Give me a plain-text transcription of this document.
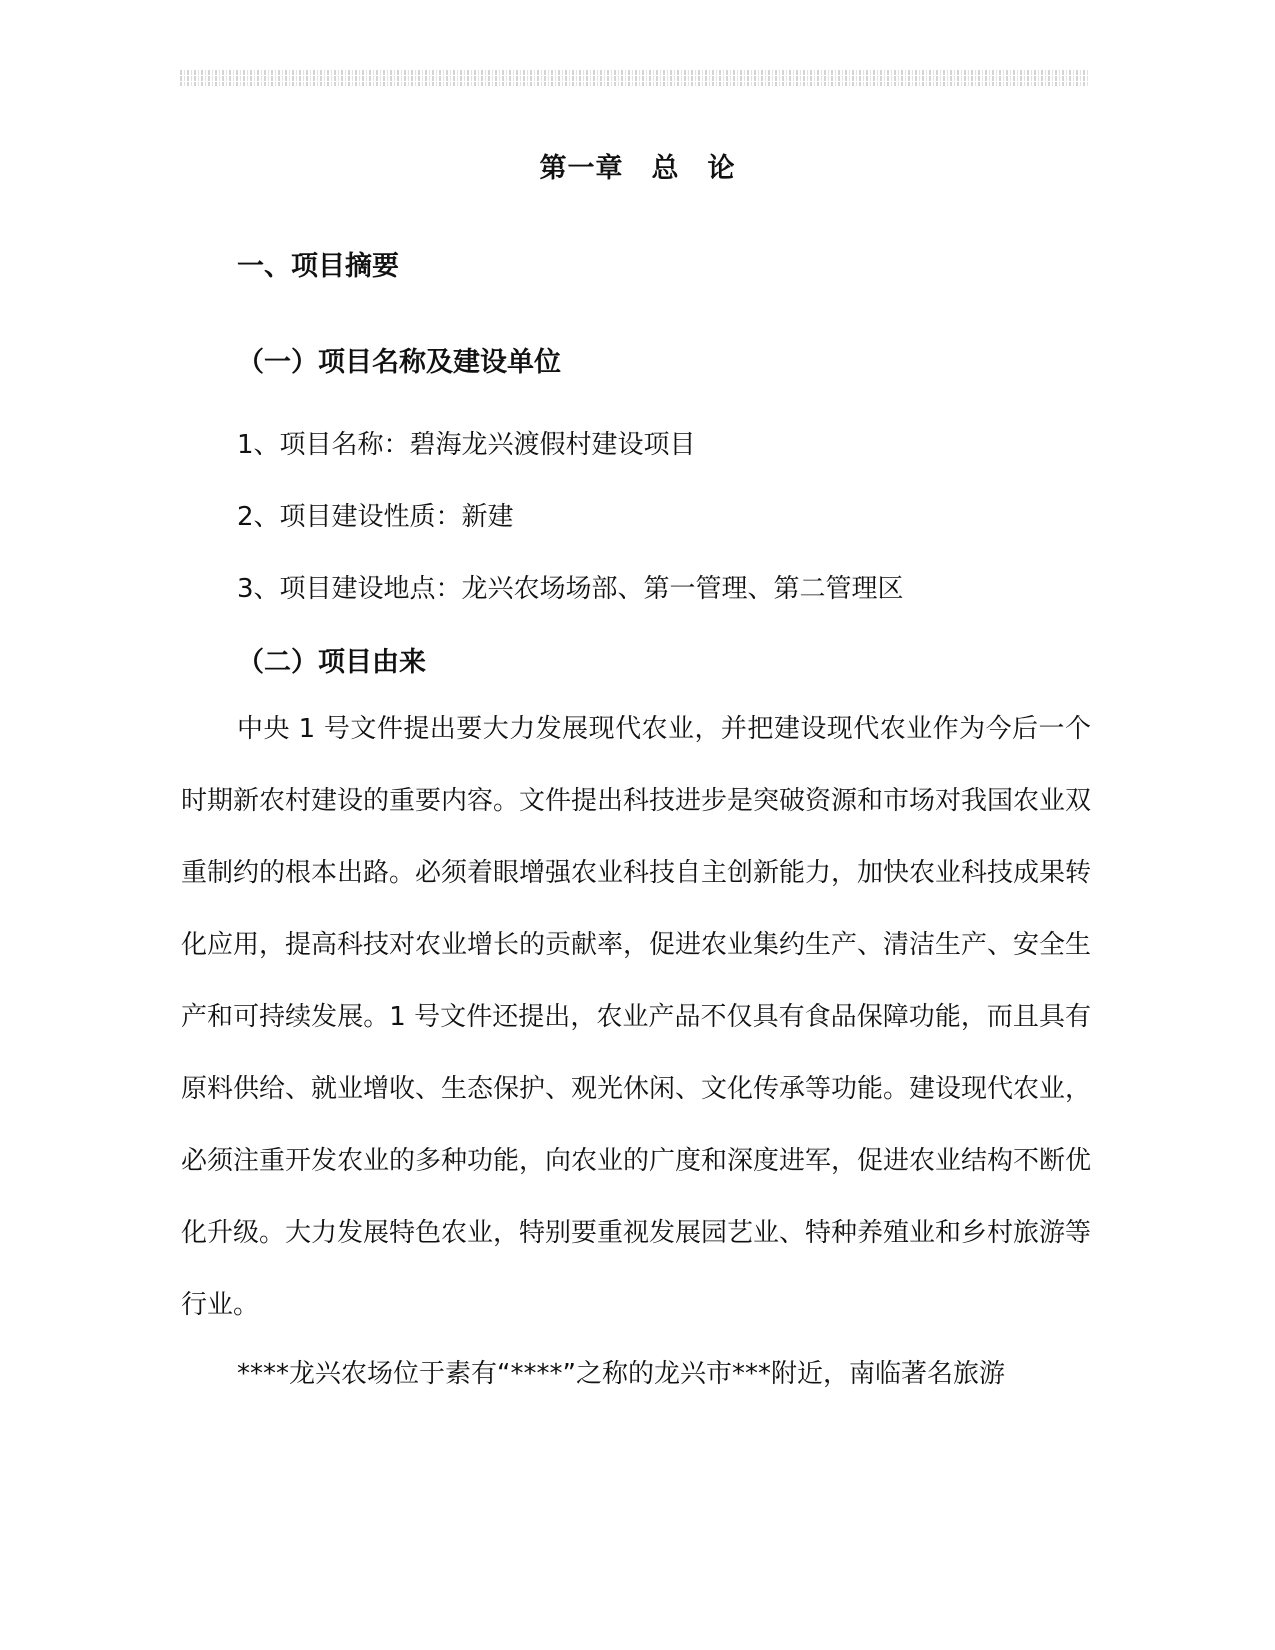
第一章　总　论
一、项目摘要
（一）项目名称及建设单位
1、项目名称：碧海龙兴渡假村建设项目
2、项目建设性质：新建
3、项目建设地点：龙兴农场场部、第一管理、第二管理区
（二）项目由来

中央 1 号文件提出要大力发展现代农业，并把建设现代农业作为今后一个时期新农村建设的重要内容。文件提出科技进步是突破资源和市场对我国农业双重制约的根本出路。必须着眼增强农业科技自主创新能力，加快农业科技成果转化应用，提高科技对农业增长的贡献率，促进农业集约生产、清洁生产、安全生产和可持续发展。1 号文件还提出，农业产品不仅具有食品保障功能，而且具有原料供给、就业增收、生态保护、观光休闲、文化传承等功能。建设现代农业，必须注重开发农业的多种功能，向农业的广度和深度进军，促进农业结构不断优化升级。大力发展特色农业，特别要重视发展园艺业、特种养殖业和乡村旅游等行业。

****龙兴农场位于素有“****”之称的龙兴市***附近，南临著名旅游
